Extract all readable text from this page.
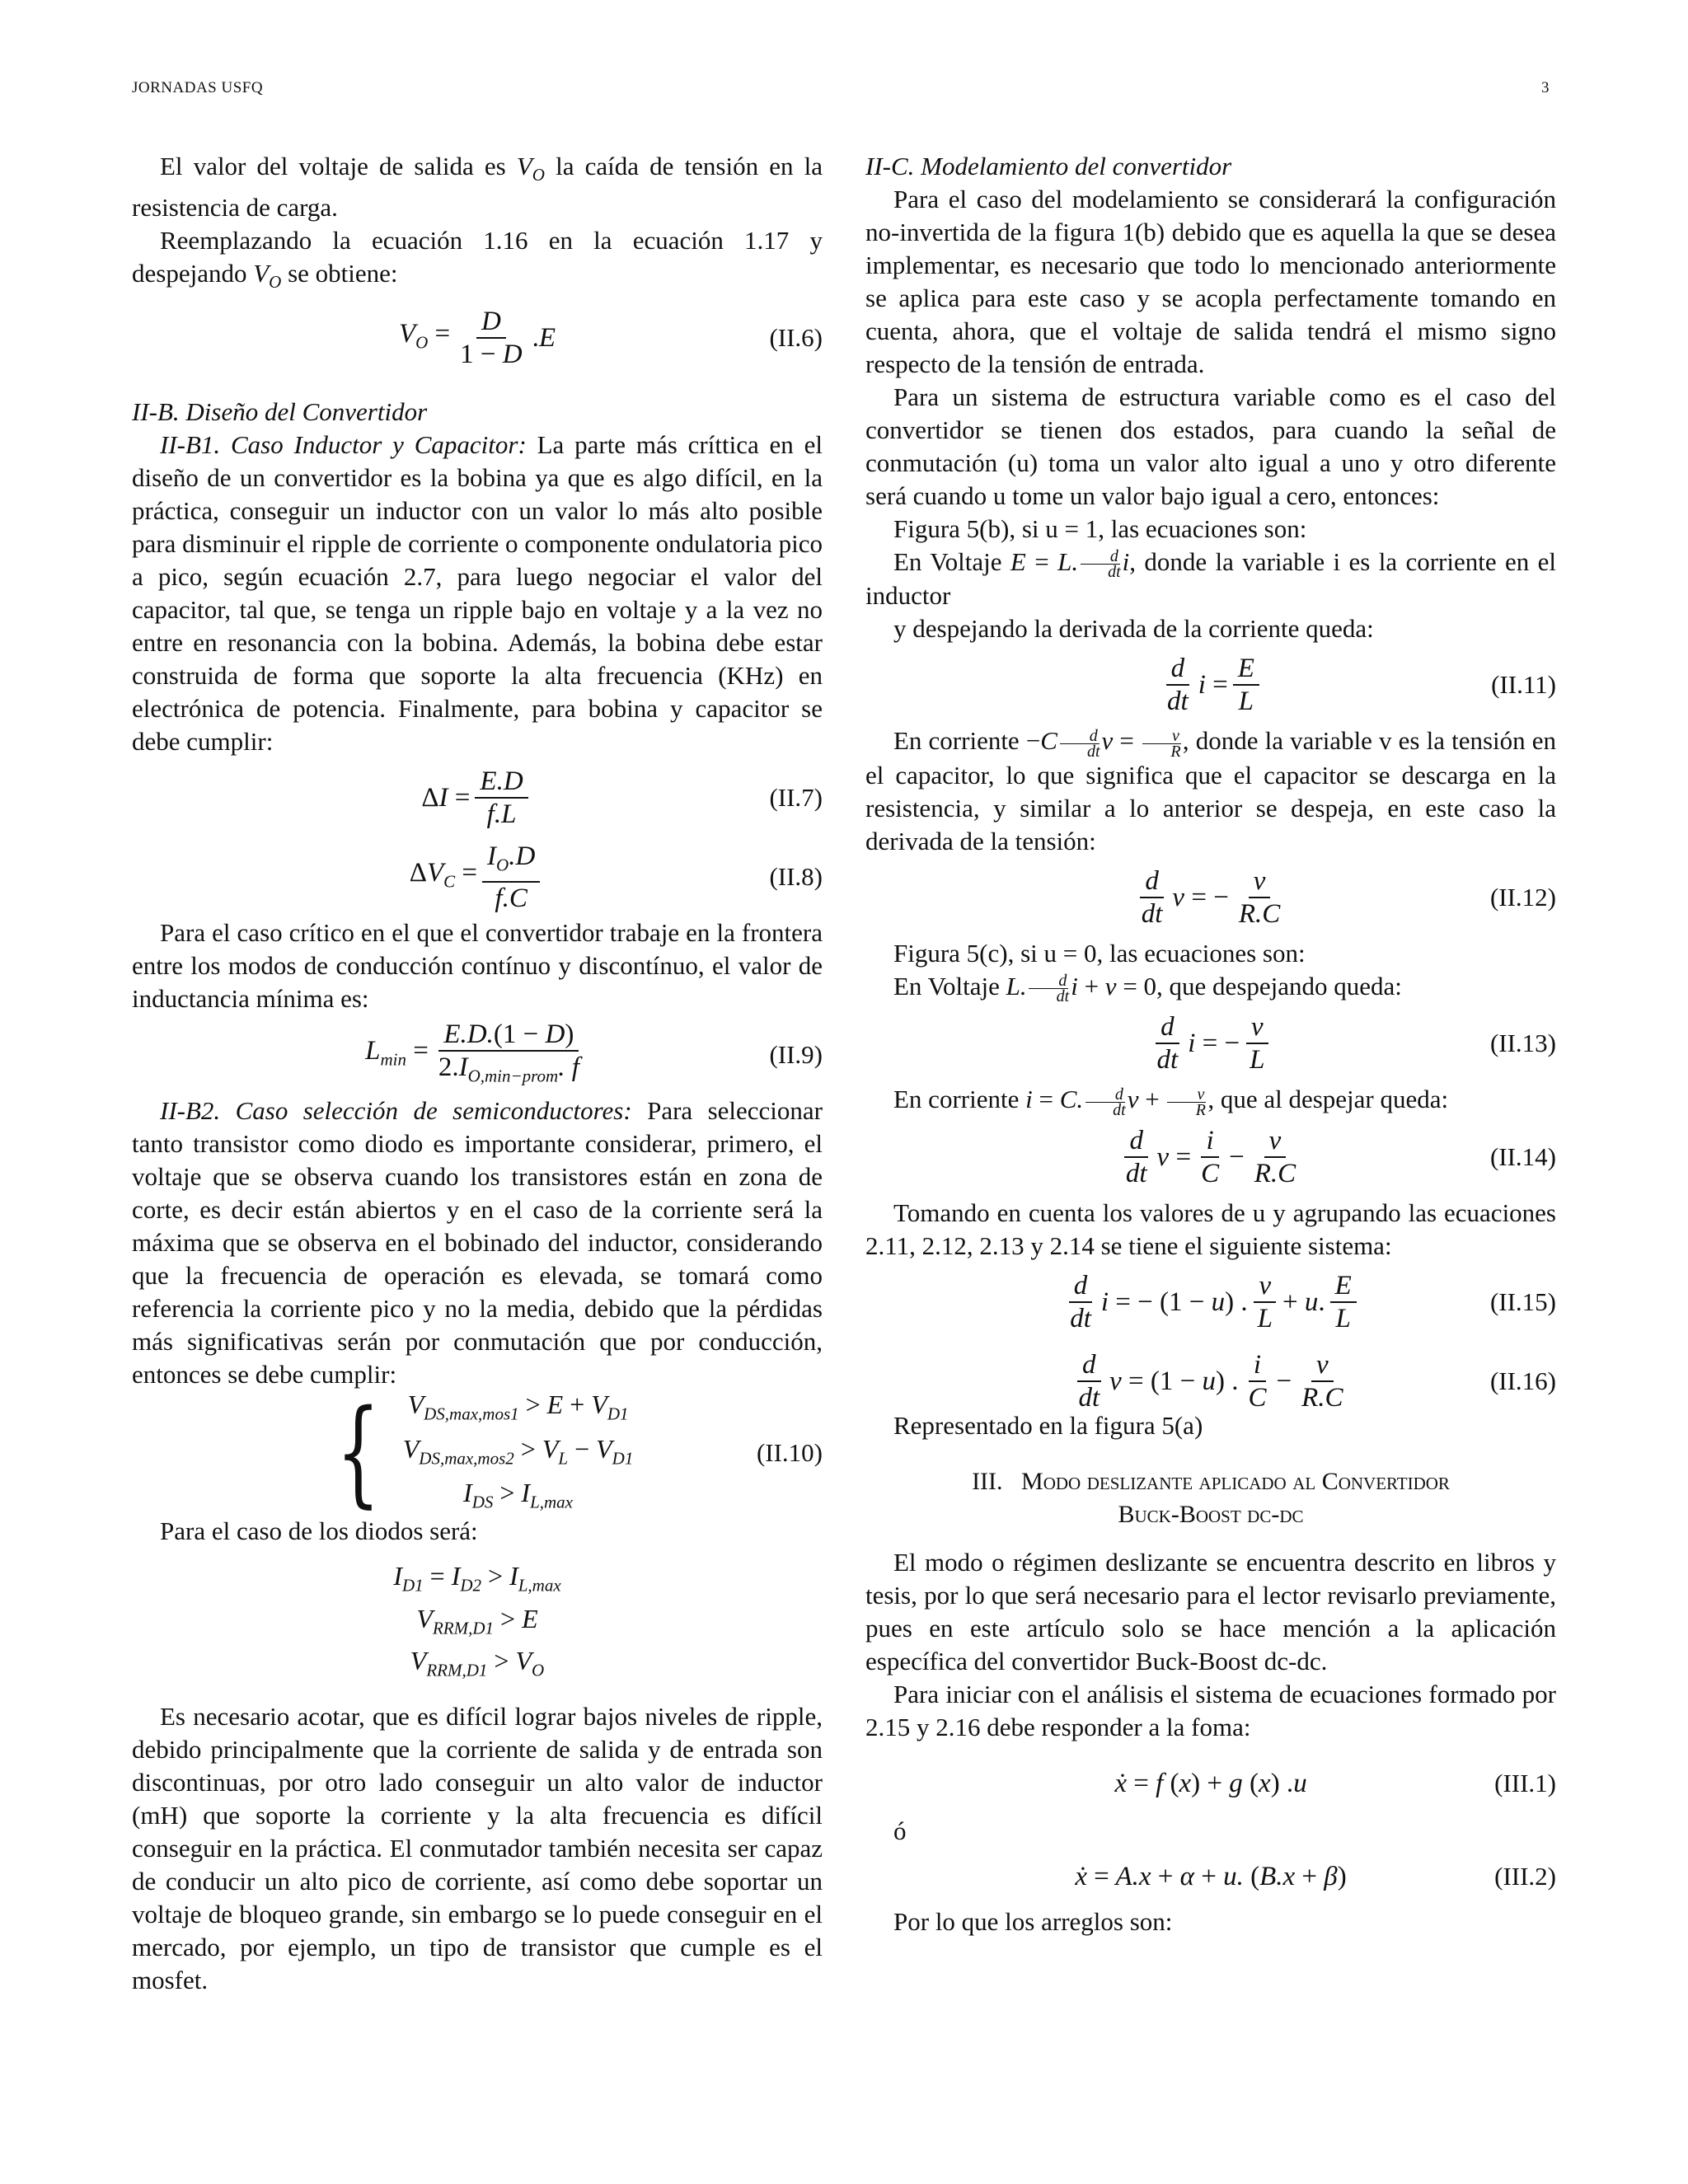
JORNADAS USFQ	3

El valor del voltaje de salida es $V_O$ la caída de tensión en la resistencia de carga.

Reemplazando la ecuación 1.16 en la ecuación 1.17 y despejando $V_O$ se obtiene:

$V_O = \frac{D}{1 - D} .E$	(II.6)
II-B. Diseño del Convertidor

II-B1. Caso Inductor y Capacitor: La parte más críttica en el diseño de un convertidor es la bobina ya que es algo difícil, en la práctica, conseguir un inductor con un valor lo más alto posible para disminuir el ripple de corriente o componente ondulatoria pico a pico, según ecuación 2.7, para luego negociar el valor del capacitor, tal que, se tenga un ripple bajo en voltaje y a la vez no entre en resonancia con la bobina. Además, la bobina debe estar construida de forma que soporte la alta frecuencia (KHz) en electrónica de potencia. Finalmente, para bobina y capacitor se debe cumplir:

$\Delta I = \frac{E.D}{f.L}$	(II.7)
$\Delta V_C = \frac{I_O.D}{f.C}$	(II.8)

Para el caso crítico en el que el convertidor trabaje en la frontera entre los modos de conducción contínuo y discontínuo, el valor de inductancia mínima es:

$L_{min} = \frac{E.D.(1 - D)}{2.I_{O,min-prom}. f}$	(II.9)

II-B2. Caso selección de semiconductores: Para seleccionar tanto transistor como diodo es importante considerar, primero, el voltaje que se observa cuando los transistores están en zona de corte, es decir están abiertos y en el caso de la corriente será la máxima que se observa en el bobinado del inductor, considerando que la frecuencia de operación es elevada, se tomará como referencia la corriente pico y no la media, debido que la pérdidas más significativas serán por conmutación que por conducción, entonces se debe cumplir:

{ $V_{DS,max,mos1} > E + V_{D1}$
$V_{DS,max,mos2} > V_L - V_{D1}$
$I_{DS} > I_{L,max}$
(II.10)

Para el caso de los diodos será:

$I_{D1} = I_{D2} > I_{L,max}$
$V_{RRM,D1} > E$
$V_{RRM,D1} > V_O$

Es necesario acotar, que es difícil lograr bajos niveles de ripple, debido principalmente que la corriente de salida y de entrada son discontinuas, por otro lado conseguir un alto valor de inductor (mH) que soporte la corriente y la alta frecuencia es difícil conseguir en la práctica. El conmutador también necesita ser capaz de conducir un alto pico de corriente, así como debe soportar un voltaje de bloqueo grande, sin embargo se lo puede conseguir en el mercado, por ejemplo, un tipo de transistor que cumple es el mosfet.

II-C. Modelamiento del convertidor

Para el caso del modelamiento se considerará la configuración no-invertida de la figura 1(b) debido que es aquella la que se desea implementar, es necesario que todo lo mencionado anteriormente se aplica para este caso y se acopla perfectamente tomando en cuenta, ahora, que el voltaje de salida tendrá el mismo signo respecto de la tensión de entrada.

Para un sistema de estructura variable como es el caso del convertidor se tienen dos estados, para cuando la señal de conmutación (u) toma un valor alto igual a uno y otro diferente será cuando u tome un valor bajo igual a cero, entonces:

Figura 5(b), si u = 1, las ecuaciones son:

En Voltaje E = L. $\frac{d}{dt} i$, donde la variable i es la corriente en el inductor

y despejando la derivada de la corriente queda:

$\frac{d}{dt}$ $i = \frac{E}{L}$	(II.11)

En corriente $-C \frac{d}{dt}$ $v = \frac{v}{R}$ , donde la variable v es la tensión en el capacitor, lo que significa que el capacitor se descarga en la resistencia, y similar a lo anterior se despeja, en este caso la derivada de la tensión:

$\frac{d}{dt}$ v = − $\frac{v}{R.C}$	(II.12)

Figura 5(c), si u = 0, las ecuaciones son:

En Voltaje L. $\frac{d}{dt}$ i + v = 0, que despejando queda:

$\frac{d}{dt}$ i = − $\frac{v}{L}$	(II.13)

En corriente i = C. $\frac{d}{dt}$ $v + \frac{v}{R}$ , que al despejar queda:

$\frac{d}{dt}$ $v = \frac{i}{C} - \frac{v}{R.C}$	(II.14)

Tomando en cuenta los valores de u y agrupando las ecuaciones 2.11, 2.12, 2.13 y 2.14 se tiene el siguiente sistema:

$\frac{d}{dt}$ i = − (1 − u) . $\frac{v}{L} + u$. $\frac{E}{L}$	(II.15)
$\frac{d}{dt}$ v = (1 − u) . $\frac{i}{C} - \frac{v}{R.C}$	(II.16)

Representado en la figura 5(a)

III. Modo deslizante aplicado al Convertidor
Buck-Boost dc-dc

El modo o régimen deslizante se encuentra descrito en libros y tesis, por lo que será necesario para el lector revisarlo previamente, pues en este artículo solo se hace mención a la aplicación específica del convertidor Buck-Boost dc-dc.

Para iniciar con el análisis el sistema de ecuaciones formado por 2.15 y 2.16 debe responder a la foma:

ẋ = f (x) + g (x) .u	(III.1)

ó

ẋ = A.x + α + u. (B.x + β)	(III.2)

Por lo que los arreglos son:
